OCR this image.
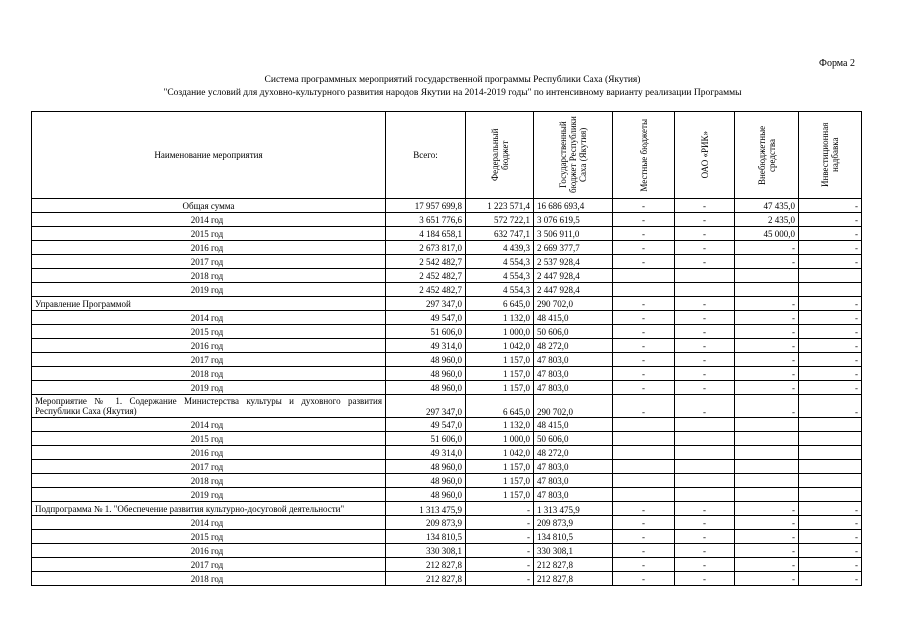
Форма 2
Система программных мероприятий государственной программы Республики Саха (Якутия)
"Создание условий для духовно-культурного развития народов Якутии на 2014-2019 годы" по интенсивному варианту реализации Программы
Наименование мероприятия	Всего:	Федеральный бюджет	Государственный бюджет Республики Саха (Якутия)	Местные бюджеты	ОАО «РИК»	Внебюджетные средства	Инвестиционная надбавка

Общая сумма	17 957 699,8	1 223 571,4	16 686 693,4	-	-	47 435,0	-
2014 год	3 651 776,6	572 722,1	3 076 619,5	-	-	2 435,0	-
2015 год	4 184 658,1	632 747,1	3 506 911,0	-	-	45 000,0	-
2016 год	2 673 817,0	4 439,3	2 669 377,7	-	-	-	-
2017 год	2 542 482,7	4 554,3	2 537 928,4	-	-	-	-
2018 год	2 452 482,7	4 554,3	2 447 928,4				
2019 год	2 452 482,7	4 554,3	2 447 928,4				
Управление Программой	297 347,0	6 645,0	290 702,0	-	-	-	-
2014 год	49 547,0	1 132,0	48 415,0	-	-	-	-
2015 год	51 606,0	1 000,0	50 606,0	-	-	-	-
2016 год	49 314,0	1 042,0	48 272,0	-	-	-	-
2017 год	48 960,0	1 157,0	47 803,0	-	-	-	-
2018 год	48 960,0	1 157,0	47 803,0	-	-	-	-
2019 год	48 960,0	1 157,0	47 803,0	-	-	-	-
Мероприятие № 1. Содержание Министерства культуры и духовного развития Республики Саха (Якутия)	297 347,0	6 645,0	290 702,0	-	-	-	-
2014 год	49 547,0	1 132,0	48 415,0				
2015 год	51 606,0	1 000,0	50 606,0				
2016 год	49 314,0	1 042,0	48 272,0				
2017 год	48 960,0	1 157,0	47 803,0				
2018 год	48 960,0	1 157,0	47 803,0				
2019 год	48 960,0	1 157,0	47 803,0				
Подпрограмма № 1. "Обеспечение развития культурно-досуговой деятельности"	1 313 475,9	-	1 313 475,9	-	-	-	-
2014 год	209 873,9	-	209 873,9	-	-	-	-
2015 год	134 810,5	-	134 810,5	-	-	-	-
2016 год	330 308,1	-	330 308,1	-	-	-	-
2017 год	212 827,8	-	212 827,8	-	-	-	-
2018 год	212 827,8	-	212 827,8	-	-	-	-
